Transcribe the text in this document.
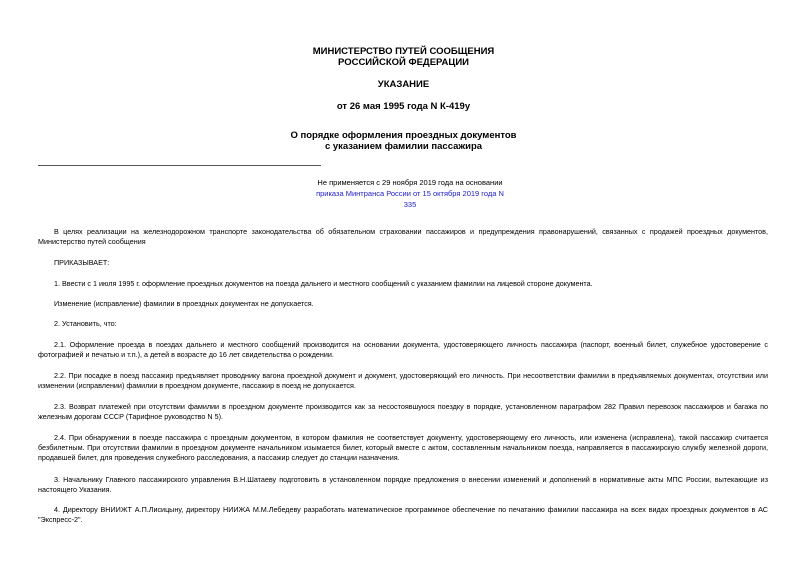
МИНИСТЕРСТВО ПУТЕЙ СООБЩЕНИЯ
РОССИЙСКОЙ ФЕДЕРАЦИИ
УКАЗАНИЕ
от 26 мая 1995 года N К-419у
О порядке оформления проездных документов
с указанием фамилии пассажира
Не применяется с 29 ноября 2019 года на основании
приказа Минтранса России от 15 октября 2019 года N 335
В целях реализации на железнодорожном транспорте законодательства об обязательном страховании пассажиров и предупреждения правонарушений, связанных с продажей проездных документов, Министерство путей сообщения
ПРИКАЗЫВАЕТ:
1. Ввести с 1 июля 1995 г. оформление проездных документов на поезда дальнего и местного сообщений с указанием фамилии на лицевой стороне документа.
Изменение (исправление) фамилии в проездных документах не допускается.
2. Установить, что:
2.1. Оформление проезда в поездах дальнего и местного сообщений производится на основании документа, удостоверяющего личность пассажира (паспорт, военный билет, служебное удостоверение с фотографией и печатью и т.п.), а детей в возрасте до 16 лет свидетельства о рождении.
2.2. При посадке в поезд пассажир предъявляет проводнику вагона проездной документ и документ, удостоверяющий его личность. При несоответствии фамилии в предъявляемых документах, отсутствии или изменении (исправлении) фамилии в проездном документе, пассажир в поезд не допускается.
2.3. Возврат платежей при отсутствии фамилии в проездном документе производится как за несостоявшуюся поездку в порядке, установленном параграфом 282 Правил перевозок пассажиров и багажа по железным дорогам СССР (Тарифное руководство N 5).
2.4. При обнаружении в поезде пассажира с проездным документом, в котором фамилия не соответствует документу, удостоверяющему его личность, или изменена (исправлена), такой пассажир считается безбилетным. При отсутствии фамилии в проездном документе начальником изымается билет, который вместе с актом, составленным начальником поезда, направляется в пассажирскую службу железной дороги, продавшей билет, для проведения служебного расследования, а пассажир следует до станции назначения.
3. Начальнику Главного пассажирского управления В.Н.Шатаеву подготовить в установленном порядке предложения о внесении изменений и дополнений в нормативные акты МПС России, вытекающие из настоящего Указания.
4. Директору ВНИИЖТ А.П.Лисицыну, директору НИИЖА М.М.Лебедеву разработать математическое программное обеспечение по печатанию фамилии пассажира на всех видах проездных документов в АС "Экспресс-2".
